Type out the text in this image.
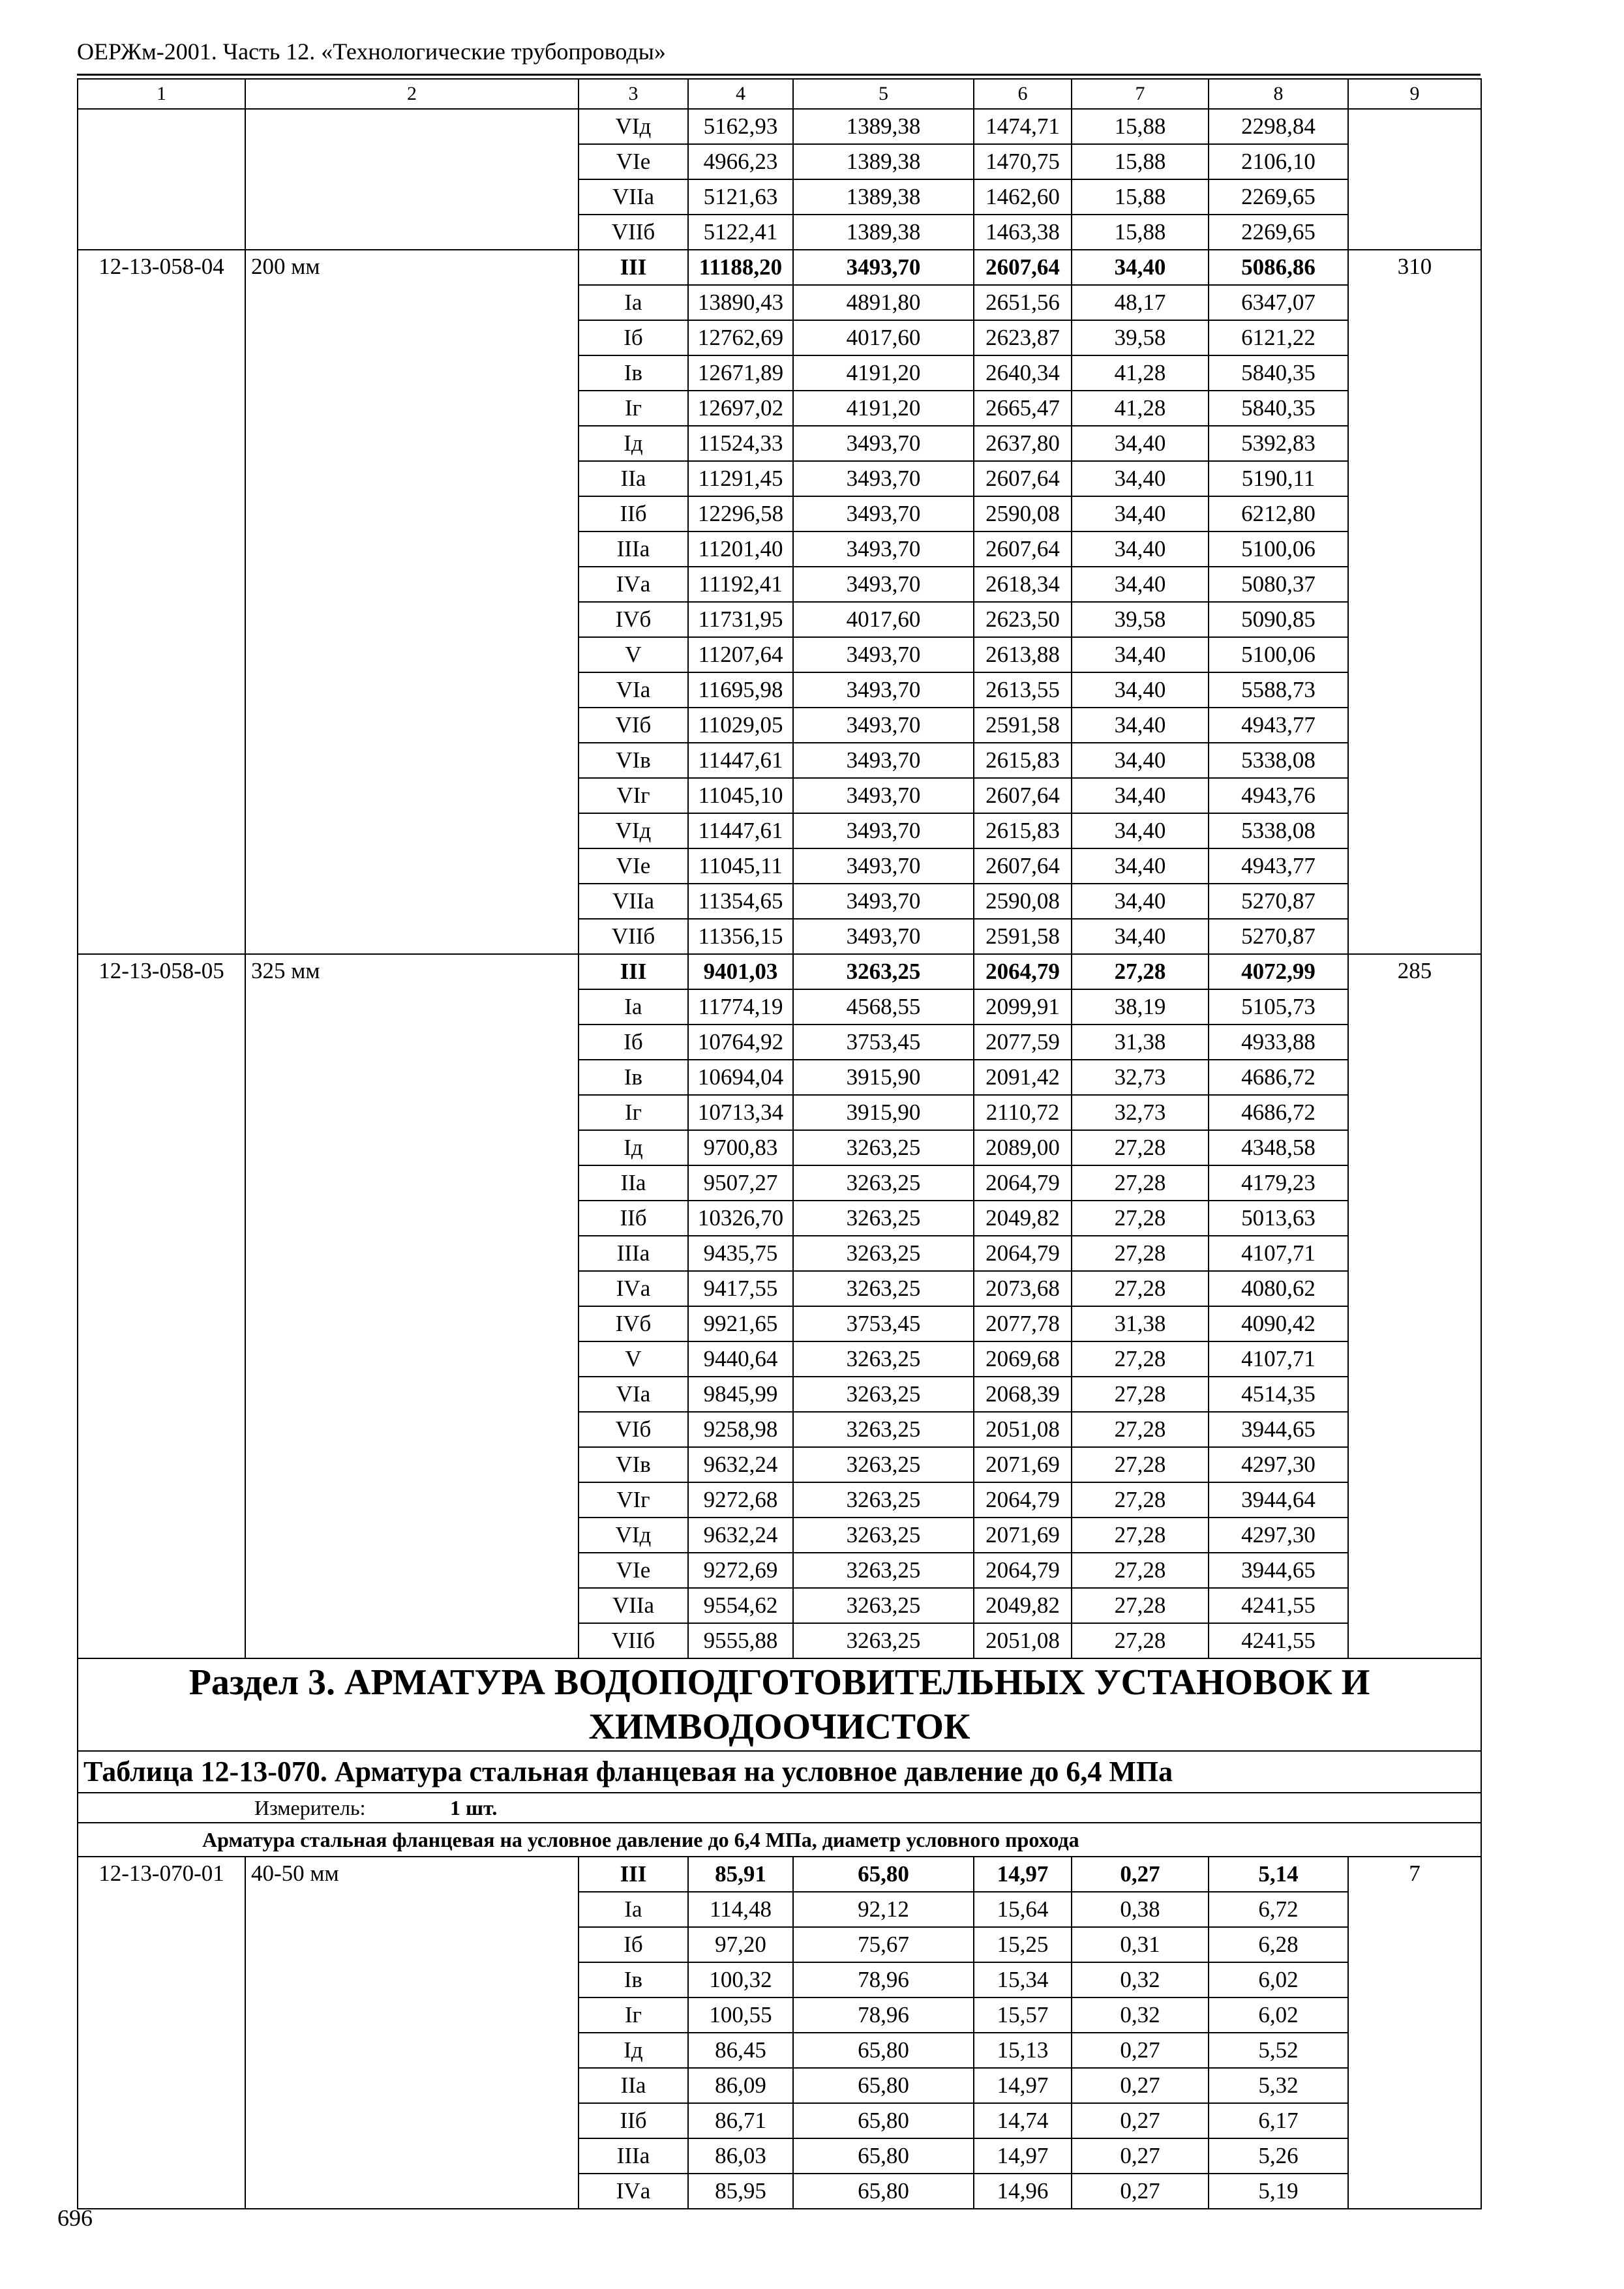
ОЕРЖм-2001. Часть 12. «Технологические трубопроводы»
1	2	3	4	5	6	7	8	9
		VIд	5162,93	1389,38	1474,71	15,88	2298,84	
		VIе	4966,23	1389,38	1470,75	15,88	2106,10	
		VIIа	5121,63	1389,38	1462,60	15,88	2269,65	
		VIIб	5122,41	1389,38	1463,38	15,88	2269,65	
12-13-058-04	200 мм	III	11188,20	3493,70	2607,64	34,40	5086,86	310
		Iа	13890,43	4891,80	2651,56	48,17	6347,07	
		Iб	12762,69	4017,60	2623,87	39,58	6121,22	
		Iв	12671,89	4191,20	2640,34	41,28	5840,35	
		Iг	12697,02	4191,20	2665,47	41,28	5840,35	
		Iд	11524,33	3493,70	2637,80	34,40	5392,83	
		IIа	11291,45	3493,70	2607,64	34,40	5190,11	
		IIб	12296,58	3493,70	2590,08	34,40	6212,80	
		IIIа	11201,40	3493,70	2607,64	34,40	5100,06	
		IVа	11192,41	3493,70	2618,34	34,40	5080,37	
		IVб	11731,95	4017,60	2623,50	39,58	5090,85	
		V	11207,64	3493,70	2613,88	34,40	5100,06	
		VIа	11695,98	3493,70	2613,55	34,40	5588,73	
		VIб	11029,05	3493,70	2591,58	34,40	4943,77	
		VIв	11447,61	3493,70	2615,83	34,40	5338,08	
		VIг	11045,10	3493,70	2607,64	34,40	4943,76	
		VIд	11447,61	3493,70	2615,83	34,40	5338,08	
		VIе	11045,11	3493,70	2607,64	34,40	4943,77	
		VIIа	11354,65	3493,70	2590,08	34,40	5270,87	
		VIIб	11356,15	3493,70	2591,58	34,40	5270,87	
12-13-058-05	325 мм	III	9401,03	3263,25	2064,79	27,28	4072,99	285
		Iа	11774,19	4568,55	2099,91	38,19	5105,73	
		Iб	10764,92	3753,45	2077,59	31,38	4933,88	
		Iв	10694,04	3915,90	2091,42	32,73	4686,72	
		Iг	10713,34	3915,90	2110,72	32,73	4686,72	
		Iд	9700,83	3263,25	2089,00	27,28	4348,58	
		IIа	9507,27	3263,25	2064,79	27,28	4179,23	
		IIб	10326,70	3263,25	2049,82	27,28	5013,63	
		IIIа	9435,75	3263,25	2064,79	27,28	4107,71	
		IVа	9417,55	3263,25	2073,68	27,28	4080,62	
		IVб	9921,65	3753,45	2077,78	31,38	4090,42	
		V	9440,64	3263,25	2069,68	27,28	4107,71	
		VIа	9845,99	3263,25	2068,39	27,28	4514,35	
		VIб	9258,98	3263,25	2051,08	27,28	3944,65	
		VIв	9632,24	3263,25	2071,69	27,28	4297,30	
		VIг	9272,68	3263,25	2064,79	27,28	3944,64	
		VIд	9632,24	3263,25	2071,69	27,28	4297,30	
		VIе	9272,69	3263,25	2064,79	27,28	3944,65	
		VIIа	9554,62	3263,25	2049,82	27,28	4241,55	
		VIIб	9555,88	3263,25	2051,08	27,28	4241,55	
Раздел 3. АРМАТУРА ВОДОПОДГОТОВИТЕЛЬНЫХ УСТАНОВОК И ХИМВОДООЧИСТОК								
Таблица 12-13-070. Арматура стальная фланцевая на условное давление до 6,4 МПа								
Измеритель: 1 шт.								
Арматура стальная фланцевая на условное давление до 6,4 МПа, диаметр условного прохода								
12-13-070-01	40-50 мм	III	85,91	65,80	14,97	0,27	5,14	7
		Iа	114,48	92,12	15,64	0,38	6,72	
		Iб	97,20	75,67	15,25	0,31	6,28	
		Iв	100,32	78,96	15,34	0,32	6,02	
		Iг	100,55	78,96	15,57	0,32	6,02	
		Iд	86,45	65,80	15,13	0,27	5,52	
		IIа	86,09	65,80	14,97	0,27	5,32	
		IIб	86,71	65,80	14,74	0,27	6,17	
		IIIа	86,03	65,80	14,97	0,27	5,26	
		IVа	85,95	65,80	14,96	0,27	5,19	
696
